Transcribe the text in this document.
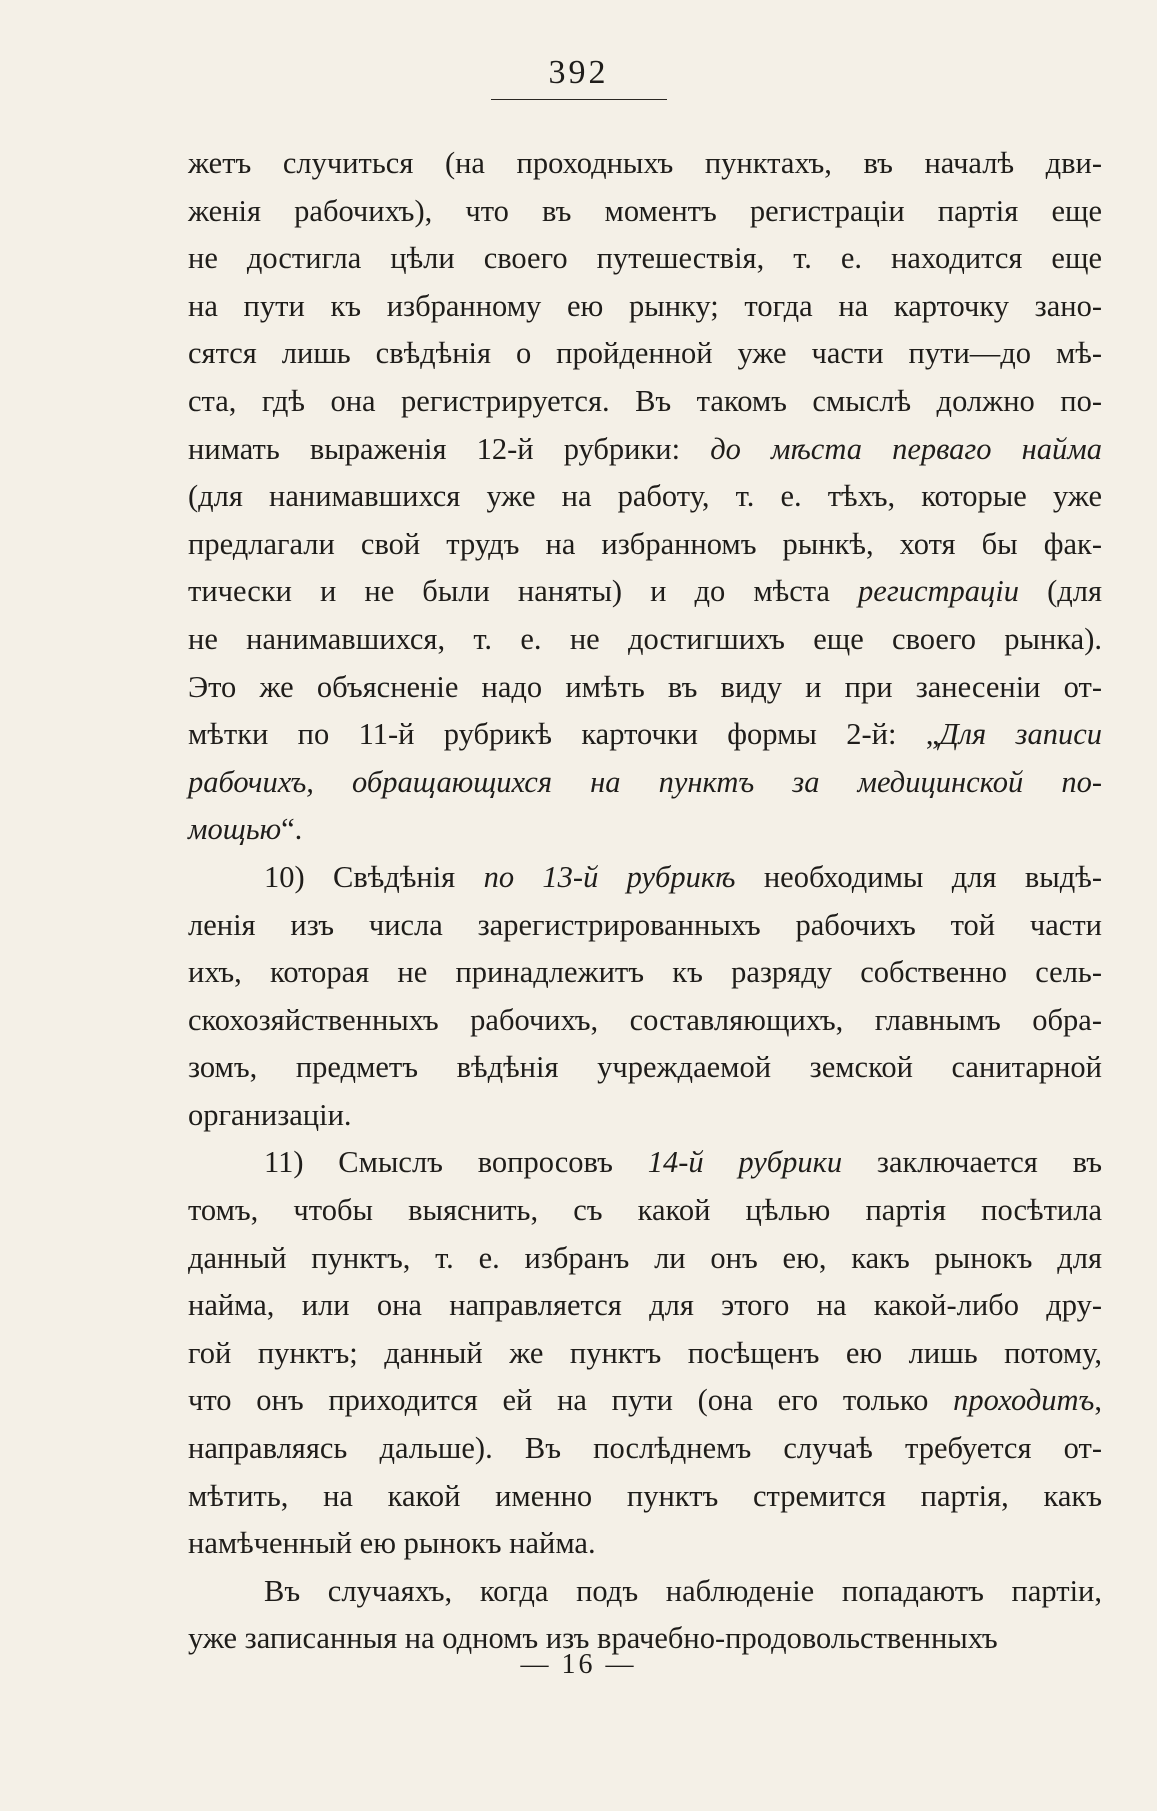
392

жетъ случиться (на проходныхъ пунктахъ, въ началѣ дви-

женія рабочихъ), что въ моментъ регистраціи партія еще

не достигла цѣли своего путешествія, т. е. находится еще

на пути къ избранному ею рынку; тогда на карточку зано-

сятся лишь свѣдѣнія о пройденной уже части пути—до мѣ-

ста, гдѣ она регистрируется. Въ такомъ смыслѣ должно по-

нимать выраженія 12-й рубрики: до мѣста перваго найма

(для нанимавшихся уже на работу, т. е. тѣхъ, которые уже

предлагали свой трудъ на избранномъ рынкѣ, хотя бы фак-

тически и не были наняты) и до мѣста регистраціи (для

не нанимавшихся, т. е. не достигшихъ еще своего рынка).

Это же объясненіе надо имѣть въ виду и при занесеніи от-

мѣтки по 11-й рубрикѣ карточки формы 2-й: „Для записи

рабочихъ, обращающихся на пунктъ за медицинской по-

мощью“.

10) Свѣдѣнія по 13-й рубрикѣ необходимы для выдѣ-

ленія изъ числа зарегистрированныхъ рабочихъ той части

ихъ, которая не принадлежитъ къ разряду собственно сель-

скохозяйственныхъ рабочихъ, составляющихъ, главнымъ обра-

зомъ, предметъ вѣдѣнія учреждаемой земской санитарной

организаціи.

11) Смыслъ вопросовъ 14-й рубрики заключается въ

томъ, чтобы выяснить, съ какой цѣлью партія посѣтила

данный пунктъ, т. е. избранъ ли онъ ею, какъ рынокъ для

найма, или она направляется для этого на какой-либо дру-

гой пунктъ; данный же пунктъ посѣщенъ ею лишь потому,

что онъ приходится ей на пути (она его только проходитъ,

направляясь дальше). Въ послѣднемъ случаѣ требуется от-

мѣтить, на какой именно пунктъ стремится партія, какъ

намѣченный ею рынокъ найма.

Въ случаяхъ, когда подъ наблюденіе попадаютъ партіи,

уже записанныя на одномъ изъ врачебно-продовольственныхъ

— 16 —
